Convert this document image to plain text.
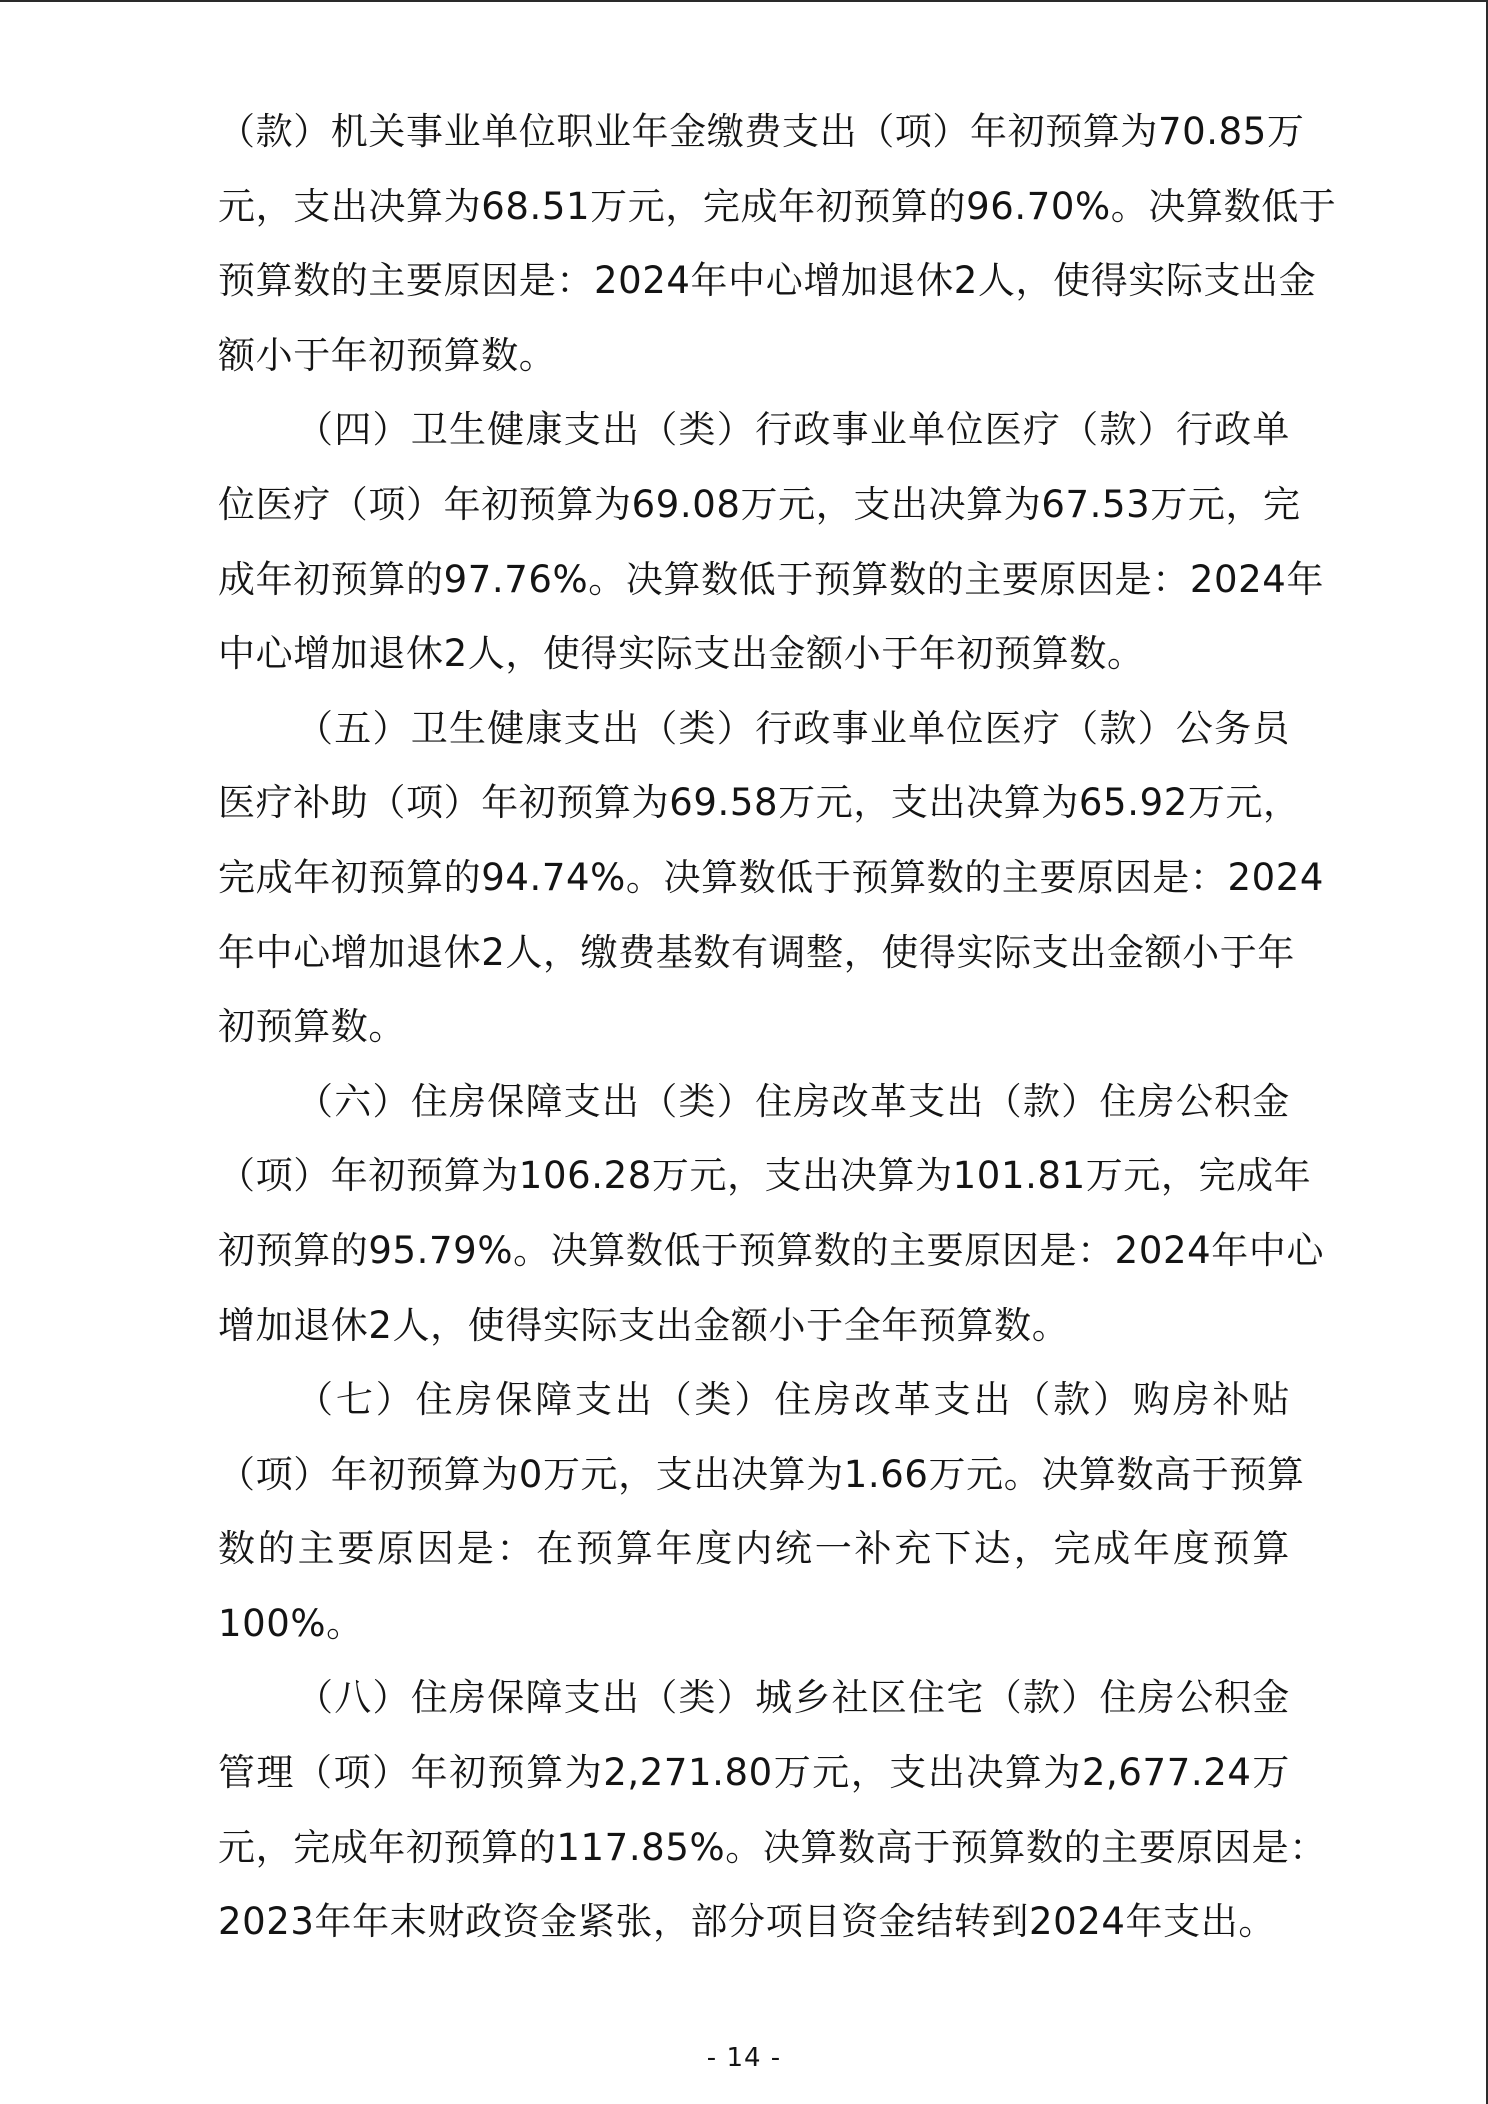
（款）机关事业单位职业年金缴费支出（项）年初预算为70.85万
元，支出决算为68.51万元，完成年初预算的96.70%。决算数低于
预算数的主要原因是：2024年中心增加退休2人，使得实际支出金
额小于年初预算数。
（四）卫生健康支出（类）行政事业单位医疗（款）行政单
位医疗（项）年初预算为69.08万元，支出决算为67.53万元，完
成年初预算的97.76%。决算数低于预算数的主要原因是：2024年
中心增加退休2人，使得实际支出金额小于年初预算数。
（五）卫生健康支出（类）行政事业单位医疗（款）公务员
医疗补助（项）年初预算为69.58万元，支出决算为65.92万元，
完成年初预算的94.74%。决算数低于预算数的主要原因是：2024
年中心增加退休2人，缴费基数有调整，使得实际支出金额小于年
初预算数。
（六）住房保障支出（类）住房改革支出（款）住房公积金
（项）年初预算为106.28万元，支出决算为101.81万元，完成年
初预算的95.79%。决算数低于预算数的主要原因是：2024年中心
增加退休2人，使得实际支出金额小于全年预算数。
（七）住房保障支出（类）住房改革支出（款）购房补贴
（项）年初预算为0万元，支出决算为1.66万元。决算数高于预算
数的主要原因是：在预算年度内统一补充下达，完成年度预算
100%。
（八）住房保障支出（类）城乡社区住宅（款）住房公积金
管理（项）年初预算为2,271.80万元，支出决算为2,677.24万
元，完成年初预算的117.85%。决算数高于预算数的主要原因是：
2023年年末财政资金紧张，部分项目资金结转到2024年支出。
- 14 -
